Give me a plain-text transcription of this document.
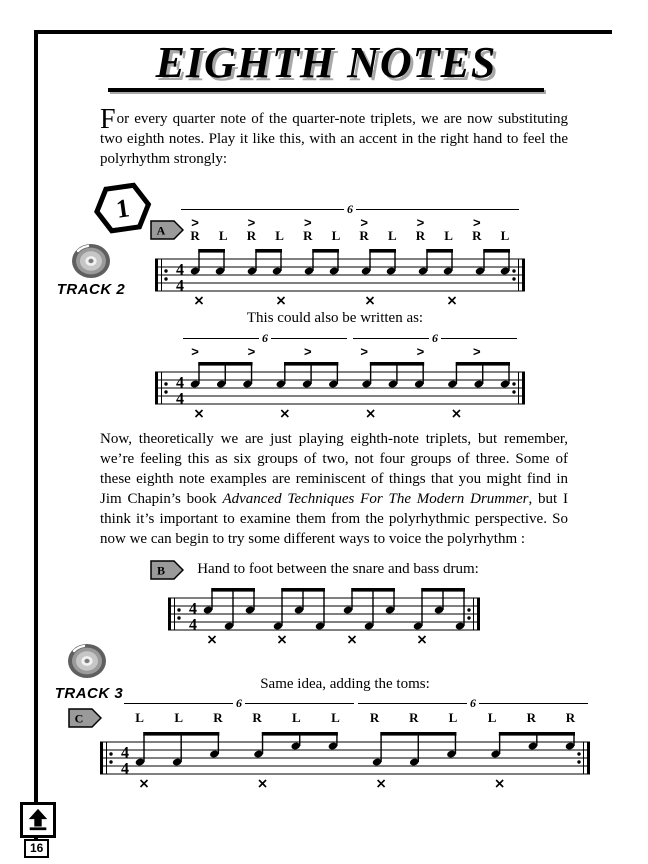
EIGHTH NOTES

For every quarter note of the quarter-note triplets, we are now substituting two eighth notes. Play it like this, with an accent in the right hand to feel the polyrhythm strongly:

1
A
TRACK 2
6
>	>	>	>	>	>
R	L	R	L	R	L	R	L	R	L	R	L
4
4
This could also be written as:
6	6
>	>	>	>	>	>
4
4

Now, theoretically we are just playing eighth-note triplets, but remember, we’re feeling this as six groups of two, not four groups of three. Some of these eighth note examples are reminiscent of things that you might find in Jim Chapin’s book Advanced Techniques For The Modern Drummer, but I think it’s important to examine them from the polyrhythmic perspective. So now we can begin to try some different ways to voice the polyrhythm :

B	Hand to foot between the snare and bass drum:
4
4
TRACK 3
Same idea, adding the toms:
C
6	6
L	L	R	R	L	L	R	R	L	L	R	R
4
4
16
